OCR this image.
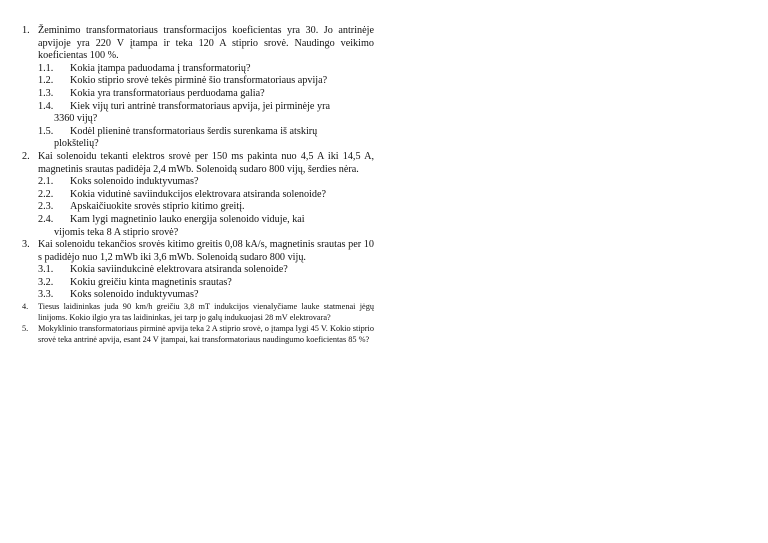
1. Žeminimo transformatoriaus transformacijos koeficientas yra 30. Jo antrinėje apvijoje yra 220 V įtampa ir teka 120 A stiprio srovė. Naudingo veikimo koeficientas 100 %.
1.1. Kokia įtampa paduodama į transformatorių?
1.2. Kokio stiprio srovė tekės pirminė šio transformatoriaus apvija?
1.3. Kokia yra transformatoriaus perduodama galia?
1.4. Kiek vijų turi antrinė transformatoriaus apvija, jei pirminėje yra
3360 vijų?
1.5. Kodėl plieninė transformatoriaus šerdis surenkama iš atskirų
plokštelių?
2. Kai solenoidu tekanti elektros srovė per 150 ms pakinta nuo 4,5 A iki 14,5 A, magnetinis srautas padidėja 2,4 mWb. Solenoidą sudaro 800 vijų, šerdies nėra.
2.1. Koks solenoido induktyvumas?
2.2. Kokia vidutinė saviindukcijos elektrovara atsiranda solenoide?
2.3. Apskaičiuokite srovės stiprio kitimo greitį.
2.4. Kam lygi magnetinio lauko energija solenoido viduje, kai
vijomis teka 8 A stiprio srovė?
3. Kai solenoidu tekančios srovės kitimo greitis 0,08 kA/s, magnetinis srautas per 10 s padidėjo nuo 1,2 mWb iki 3,6 mWb. Solenoidą sudaro 800 vijų.
3.1. Kokia saviindukcinė elektrovara atsiranda solenoide?
3.2. Kokiu greičiu kinta magnetinis srautas?
3.3. Koks solenoido induktyvumas?
4. Tiesus laidininkas juda 90 km/h greičiu 3,8 mT indukcijos vienalyčiame lauke statmenai jėgų linijoms. Kokio ilgio yra tas laidininkas, jei tarp jo galų indukuojasi 28 mV elektrovara?
5. Mokyklinio transformatoriaus pirminė apvija teka 2 A stiprio srovė, o įtampa lygi 45 V. Kokio stiprio srovė teka antrinė apvija, esant 24 V įtampai, kai transformatoriaus naudingumo koeficientas 85 %?
